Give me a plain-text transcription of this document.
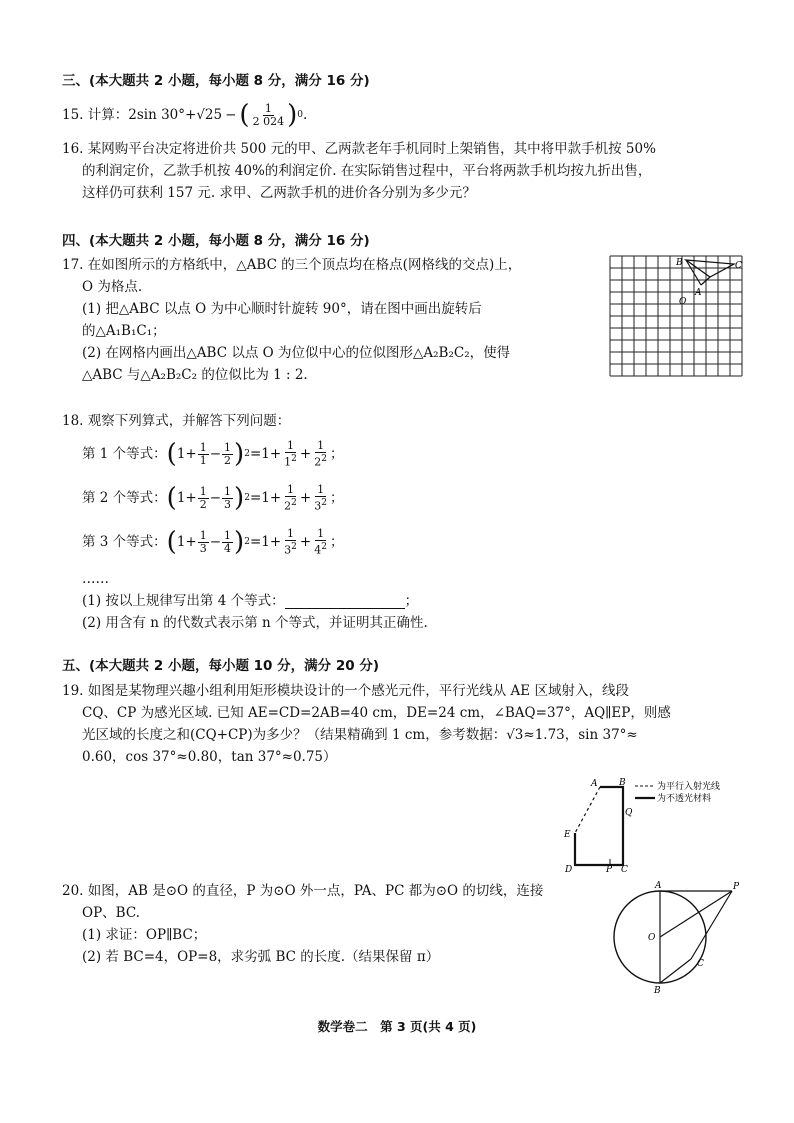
三、(本大题共 2 小题，每小题 8 分，满分 16 分)
15. 计算：2sin 30°+ √25 − ( $\frac{1}{2 024}$ ) 0 .
16. 某网购平台决定将进价共 500 元的甲、乙两款老年手机同时上架销售，其中将甲款手机按 50%
的利润定价，乙款手机按 40%的利润定价. 在实际销售过程中，平台将两款手机均按九折出售，
这样仍可获利 157 元. 求甲、乙两款手机的进价各分别为多少元？
四、(本大题共 2 小题，每小题 8 分，满分 16 分)
17. 在如图所示的方格纸中，△ABC 的三个顶点均在格点(网格线的交点)上，
O 为格点.
(1) 把△ABC 以点 O 为中心顺时针旋转 90°，请在图中画出旋转后
的△A₁B₁C₁；
(2) 在网格内画出△ABC 以点 O 为位似中心的位似图形△A₂B₂C₂，使得
△ABC 与△A₂B₂C₂ 的位似比为 1 : 2.
B	C
A
O
18. 观察下列算式，并解答下列问题：
第 1 个等式： ( $1+ \frac{1}{1} - \frac{1}{2}$ ) $2 =1+ \frac{1}{1^2} + \frac{1}{2^2}$ ；
第 2 个等式： ( $1+ \frac{1}{2} - \frac{1}{3}$ ) $2 =1+ \frac{1}{2^2} + \frac{1}{3^2}$ ；
第 3 个等式： ( $1+ \frac{1}{3} - \frac{1}{4}$ ) $2 =1+ \frac{1}{3^2} + \frac{1}{4^2}$ ；
……
(1) 按以上规律写出第 4 个等式：	；
(2) 用含有 n 的代数式表示第 n 个等式，并证明其正确性.
五、(本大题共 2 小题，每小题 10 分，满分 20 分)
19. 如图是某物理兴趣小组利用矩形模块设计的一个感光元件，平行光线从 AE 区域射入，线段
CQ、CP 为感光区域. 已知 AE=CD=2AB=40 cm，DE=24 cm，∠BAQ=37°，AQ∥EP，则感
光区域的长度之和(CQ+CP)为多少？（结果精确到 1 cm，参考数据：√3≈1.73，sin 37°≈
0.60，cos 37°≈0.80，tan 37°≈0.75）
A B
Q
E
D	P C
为平行入射光线
为不透光材料
20. 如图，AB 是⊙O 的直径，P 为⊙O 外一点，PA、PC 都为⊙O 的切线，连接
OP、BC.
(1) 求证：OP∥BC；
(2) 若 BC=4，OP=8，求劣弧 BC 的长度.（结果保留 π）
A	P
O
C
B
数学卷二　第 3 页(共 4 页)
